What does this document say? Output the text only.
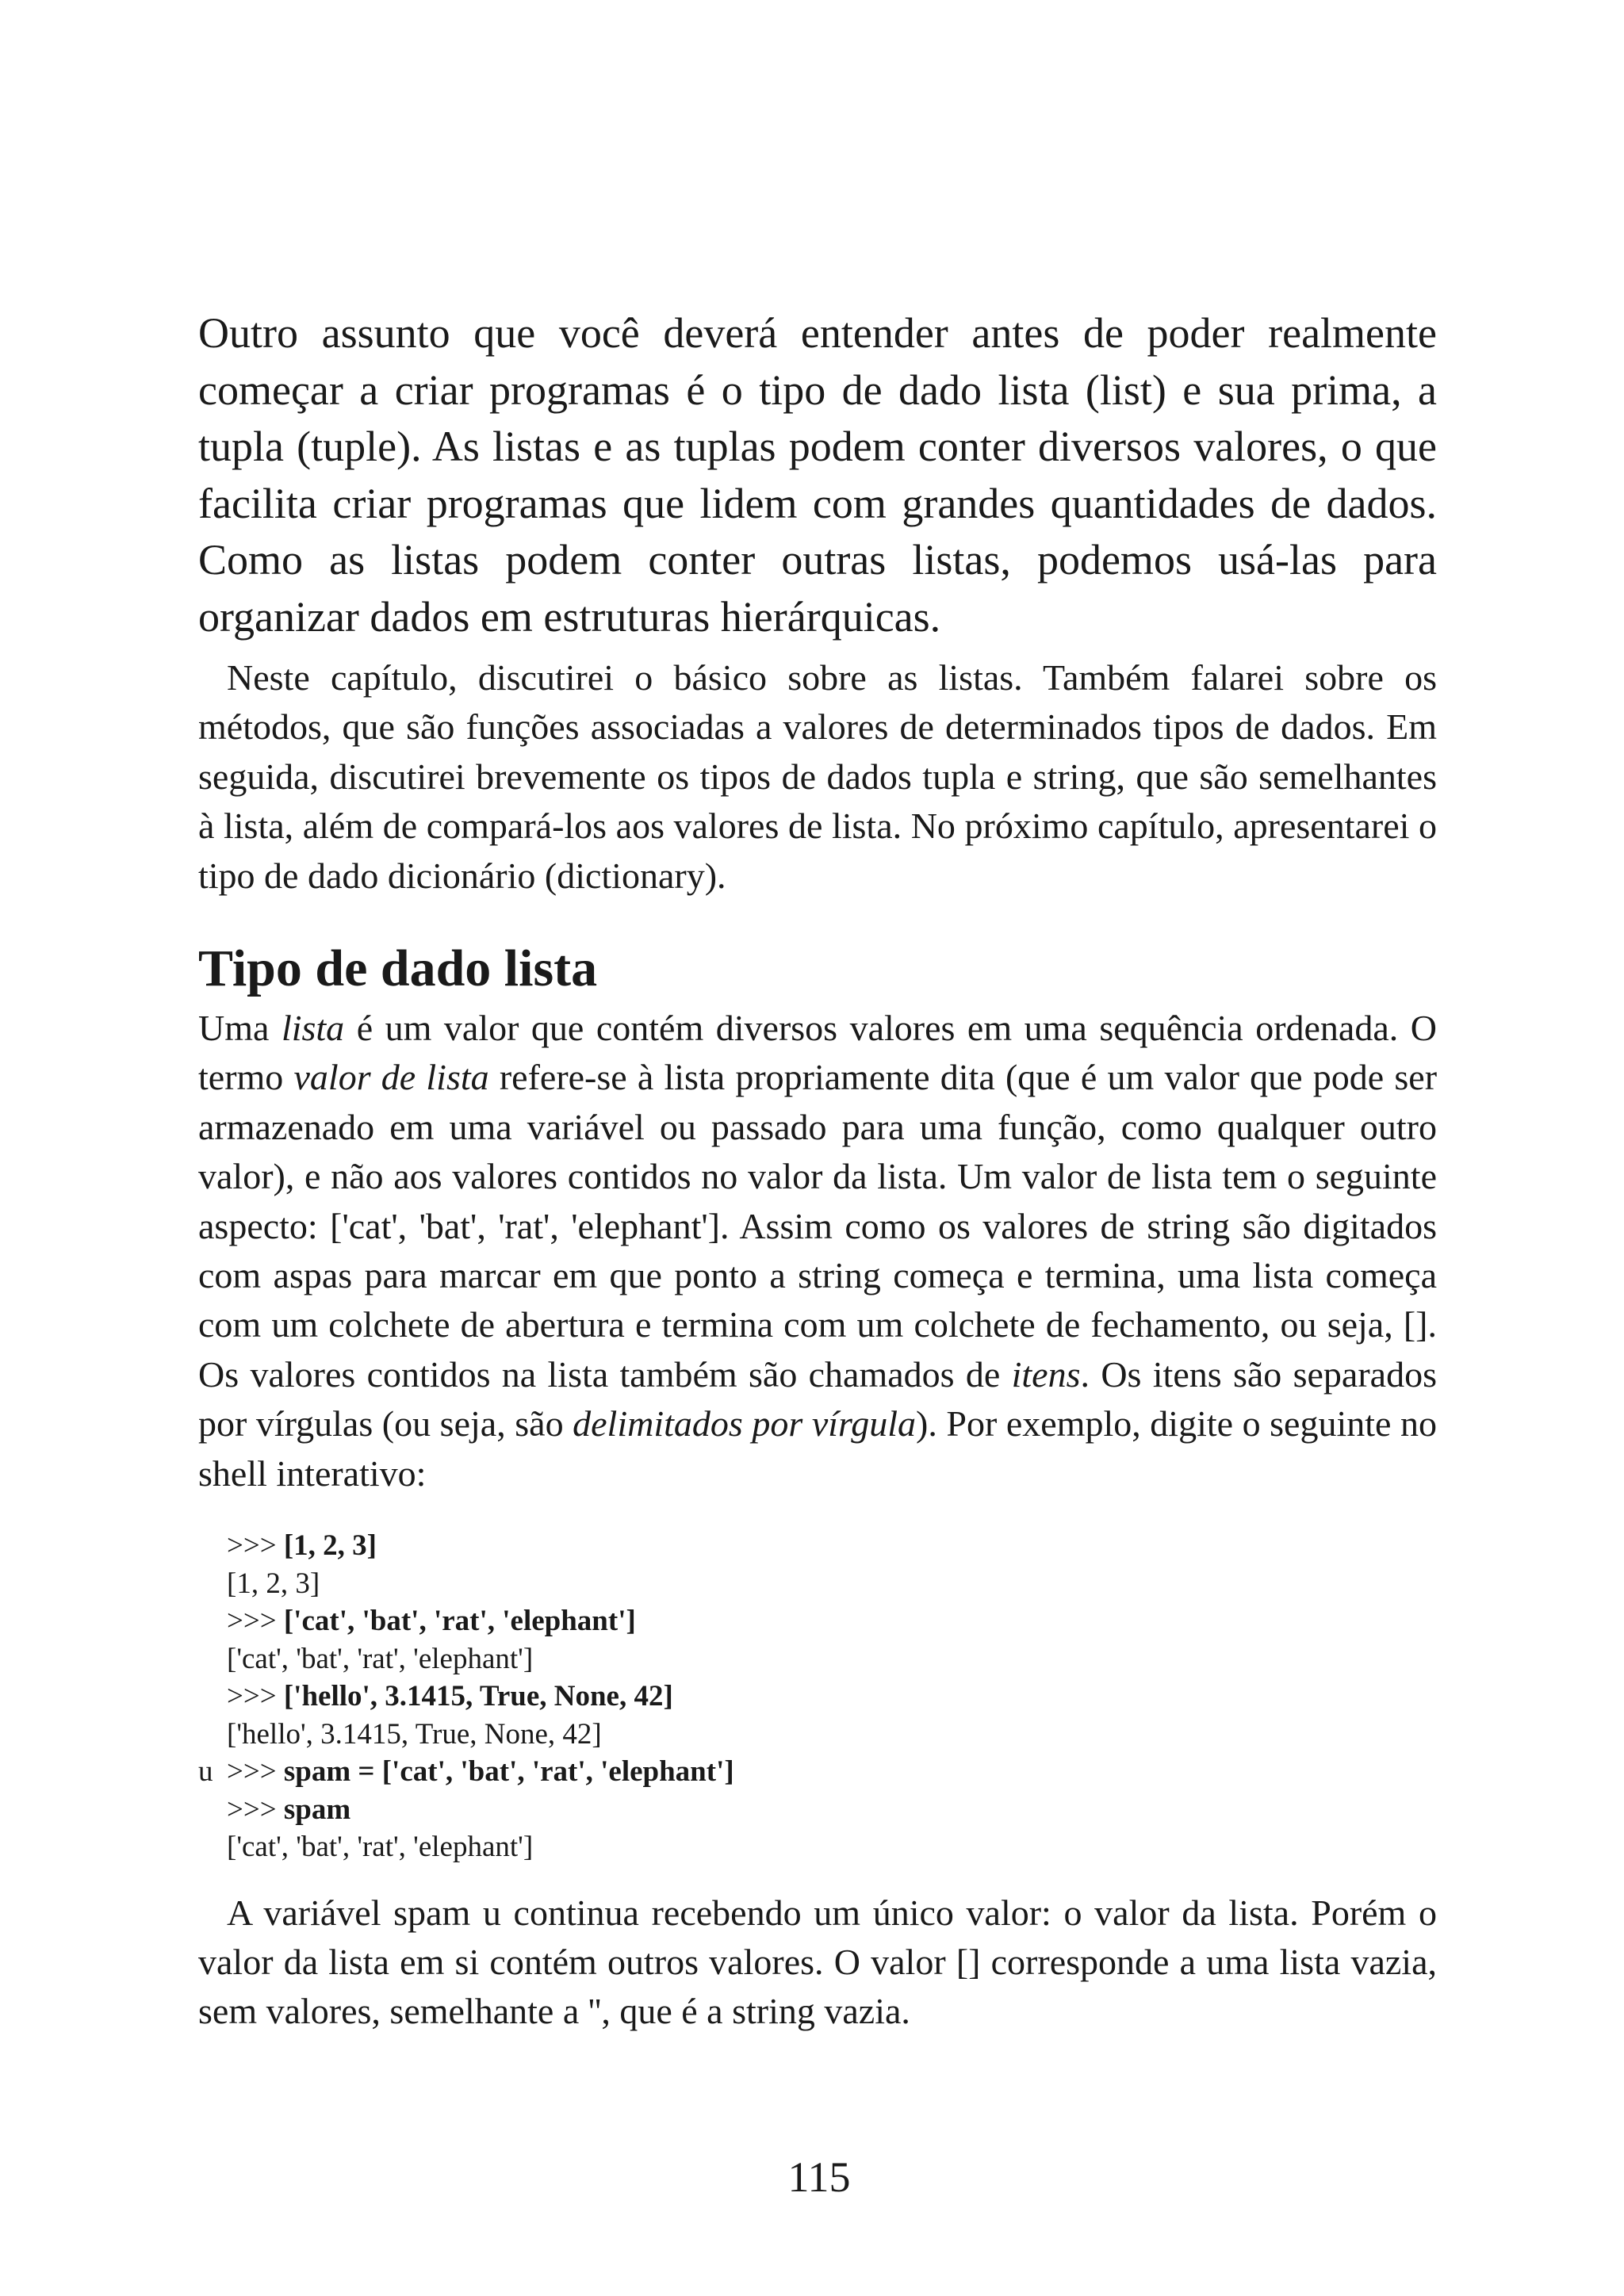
Outro assunto que você deverá entender antes de poder realmente começar a criar programas é o tipo de dado lista (list) e sua prima, a tupla (tuple). As listas e as tuplas podem conter diversos valores, o que facilita criar programas que lidem com grandes quantidades de dados. Como as listas podem conter outras listas, podemos usá-las para organizar dados em estruturas hierárquicas.

Neste capítulo, discutirei o básico sobre as listas. Também falarei sobre os métodos, que são funções associadas a valores de determinados tipos de dados. Em seguida, discutirei brevemente os tipos de dados tupla e string, que são semelhantes à lista, além de compará-los aos valores de lista. No próximo capítulo, apresentarei o tipo de dado dicionário (dictionary).

Tipo de dado lista

Uma lista é um valor que contém diversos valores em uma sequência ordenada. O termo valor de lista refere-se à lista propriamente dita (que é um valor que pode ser armazenado em uma variável ou passado para uma função, como qualquer outro valor), e não aos valores contidos no valor da lista. Um valor de lista tem o seguinte aspecto: ['cat', 'bat', 'rat', 'elephant']. Assim como os valores de string são digitados com aspas para marcar em que ponto a string começa e termina, uma lista começa com um colchete de abertura e termina com um colchete de fechamento, ou seja, []. Os valores contidos na lista também são chamados de itens. Os itens são separados por vírgulas (ou seja, são delimitados por vírgula). Por exemplo, digite o seguinte no shell interativo:

>>> [1, 2, 3]
[1, 2, 3]
>>> ['cat', 'bat', 'rat', 'elephant']
['cat', 'bat', 'rat', 'elephant']
>>> ['hello', 3.1415, True, None, 42]
['hello', 3.1415, True, None, 42]
u >>> spam = ['cat', 'bat', 'rat', 'elephant']
>>> spam
['cat', 'bat', 'rat', 'elephant']

A variável spam u continua recebendo um único valor: o valor da lista. Porém o valor da lista em si contém outros valores. O valor [] corresponde a uma lista vazia, sem valores, semelhante a '', que é a string vazia.

115
